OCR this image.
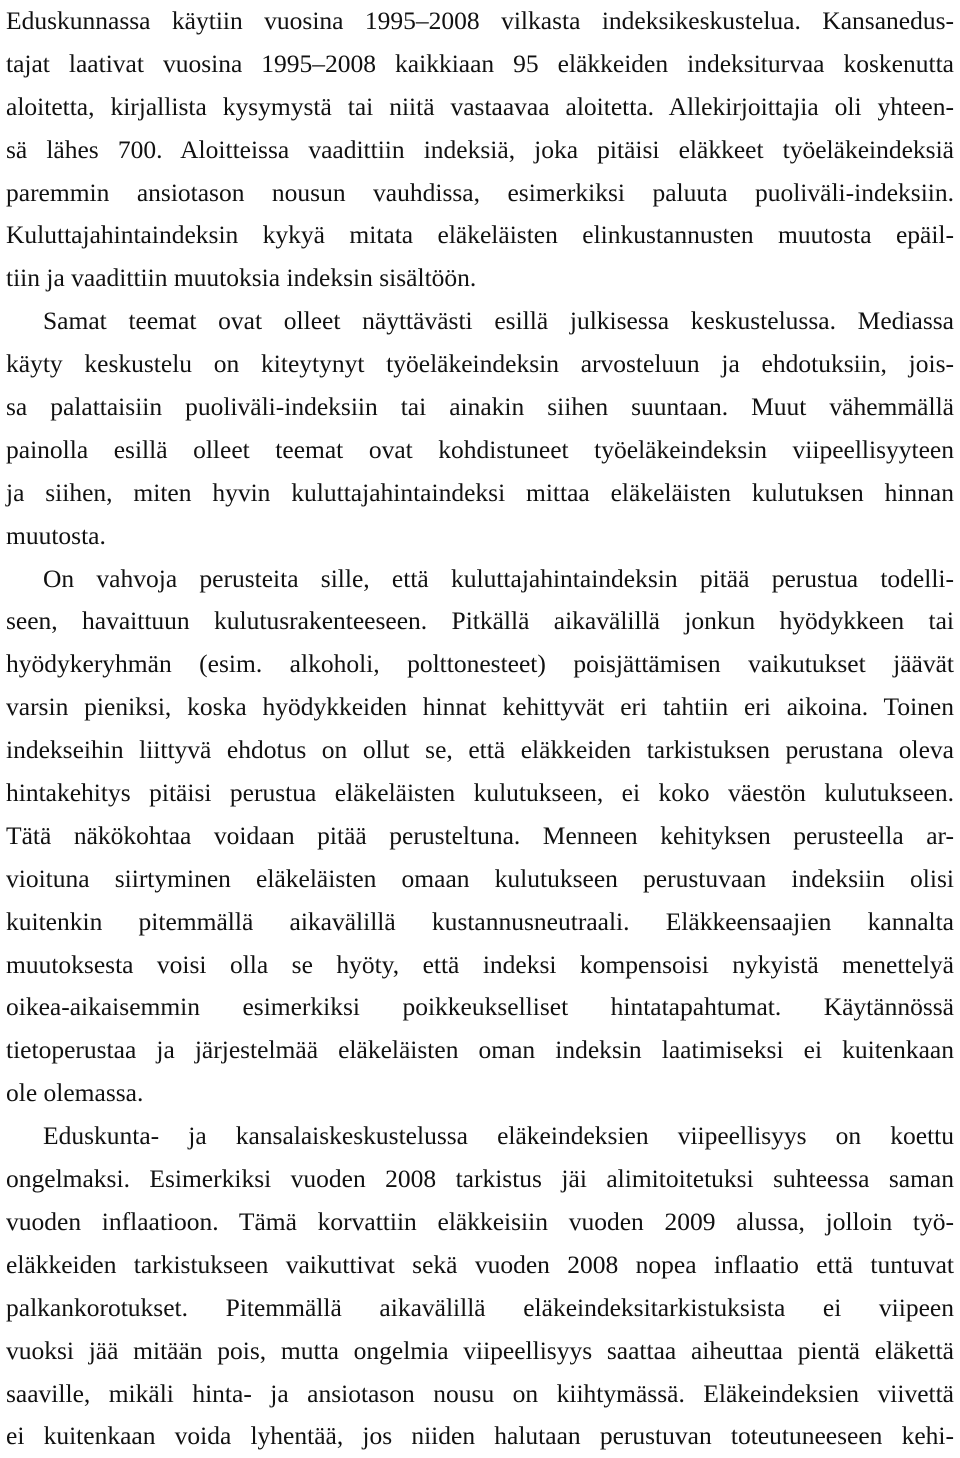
Eduskunnassa käytiin vuosina 1995–2008 vilkasta indeksikeskustelua. Kansanedus-
tajat laativat vuosina 1995–2008 kaikkiaan 95 eläkkeiden indeksiturvaa koskenutta
aloitetta, kirjallista kysymystä tai niitä vastaavaa aloitetta. Allekirjoittajia oli yhteen-
sä lähes 700. Aloitteissa vaadittiin indeksiä, joka pitäisi eläkkeet työeläkeindeksiä
paremmin ansiotason nousun vauhdissa, esimerkiksi paluuta puoliväli-indeksiin.
Kuluttajahintaindeksin kykyä mitata eläkeläisten elinkustannusten muutosta epäil-
tiin ja vaadittiin muutoksia indeksin sisältöön.
Samat teemat ovat olleet näyttävästi esillä julkisessa keskustelussa. Mediassa
käyty keskustelu on kiteytynyt työeläkeindeksin arvosteluun ja ehdotuksiin, jois-
sa palattaisiin puoliväli-indeksiin tai ainakin siihen suuntaan. Muut vähemmällä
painolla esillä olleet teemat ovat kohdistuneet työeläkeindeksin viipeellisyyteen
ja siihen, miten hyvin kuluttajahintaindeksi mittaa eläkeläisten kulutuksen hinnan
muutosta.
On vahvoja perusteita sille, että kuluttajahintaindeksin pitää perustua todelli-
seen, havaittuun kulutusrakenteeseen. Pitkällä aikavälillä jonkun hyödykkeen tai
hyödykeryhmän (esim. alkoholi, polttonesteet) poisjättämisen vaikutukset jäävät
varsin pieniksi, koska hyödykkeiden hinnat kehittyvät eri tahtiin eri aikoina. Toinen
indekseihin liittyvä ehdotus on ollut se, että eläkkeiden tarkistuksen perustana oleva
hintakehitys pitäisi perustua eläkeläisten kulutukseen, ei koko väestön kulutukseen.
Tätä näkökohtaa voidaan pitää perusteltuna. Menneen kehityksen perusteella ar-
vioituna siirtyminen eläkeläisten omaan kulutukseen perustuvaan indeksiin olisi
kuitenkin pitemmällä aikavälillä kustannusneutraali. Eläkkeensaajien kannalta
muutoksesta voisi olla se hyöty, että indeksi kompensoisi nykyistä menettelyä
oikea-aikaisemmin esimerkiksi poikkeukselliset hintatapahtumat. Käytännössä
tietoperustaa ja järjestelmää eläkeläisten oman indeksin laatimiseksi ei kuitenkaan
ole olemassa.
Eduskunta- ja kansalaiskeskustelussa eläkeindeksien viipeellisyys on koettu
ongelmaksi. Esimerkiksi vuoden 2008 tarkistus jäi alimitoitetuksi suhteessa saman
vuoden inflaatioon. Tämä korvattiin eläkkeisiin vuoden 2009 alussa, jolloin työ-
eläkkeiden tarkistukseen vaikuttivat sekä vuoden 2008 nopea inflaatio että tuntuvat
palkankorotukset. Pitemmällä aikavälillä eläkeindeksitarkistuksista ei viipeen
vuoksi jää mitään pois, mutta ongelmia viipeellisyys saattaa aiheuttaa pientä eläkettä
saaville, mikäli hinta- ja ansiotason nousu on kiihtymässä. Eläkeindeksien viivettä
ei kuitenkaan voida lyhentää, jos niiden halutaan perustuvan toteutuneeseen kehi-
